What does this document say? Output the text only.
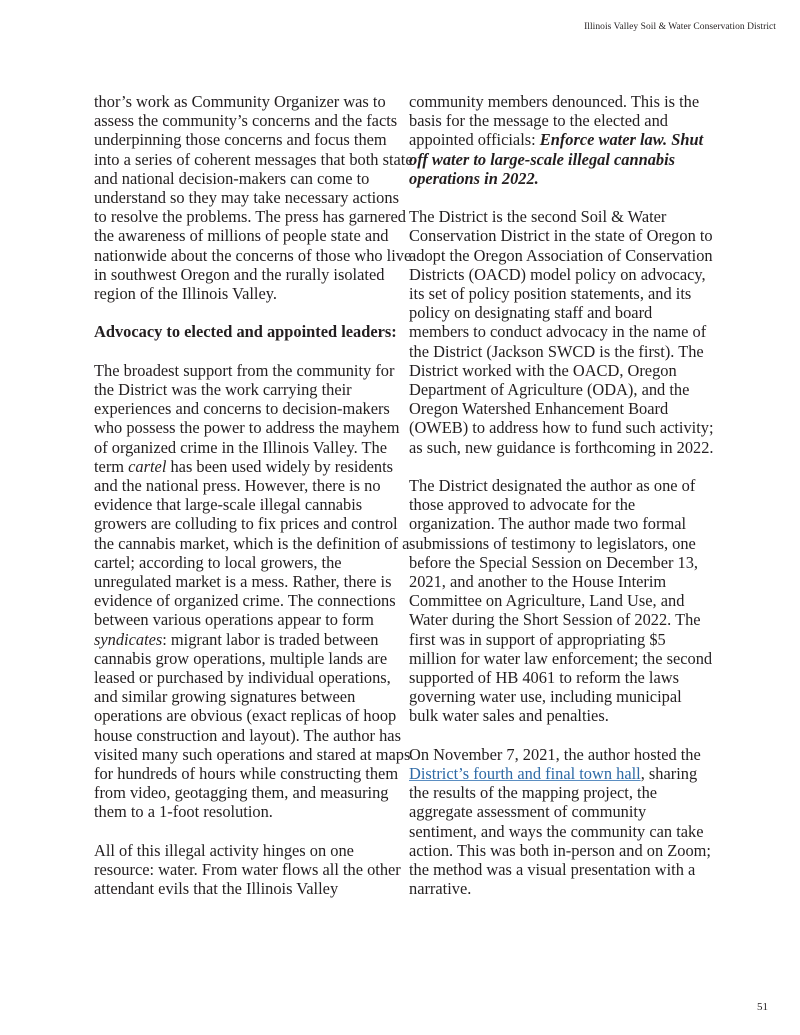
Illinois Valley Soil & Water Conservation District

thor’s work as Community Organizer was to assess the community’s concerns and the facts underpinning those concerns and focus them into a series of coherent messages that both state and national decision-makers can come to understand so they may take necessary actions to resolve the problems. The press has garnered the awareness of millions of people state and nationwide about the concerns of those who live in southwest Oregon and the rurally isolated region of the Illinois Valley.

Advocacy to elected and appointed leaders:

The broadest support from the community for the District was the work carrying their experiences and concerns to decision-makers who possess the power to address the mayhem of organized crime in the Illinois Valley. The term cartel has been used widely by residents and the national press. However, there is no evidence that large-scale illegal cannabis growers are colluding to fix prices and control the cannabis market, which is the definition of a cartel; according to local growers, the unregulated market is a mess. Rather, there is evidence of organized crime. The connections between various operations appear to form syndicates: migrant labor is traded between cannabis grow operations, multiple lands are leased or purchased by individual operations, and similar growing signatures between operations are obvious (exact replicas of hoop house construction and layout). The author has visited many such operations and stared at maps for hundreds of hours while constructing them from video, geotagging them, and measuring them to a 1-foot resolution.

All of this illegal activity hinges on one resource: water. From water flows all the other attendant evils that the Illinois Valley

community members denounced. This is the basis for the message to the elected and appointed officials: Enforce water law. Shut off water to large-scale illegal cannabis operations in 2022.

The District is the second Soil & Water Conservation District in the state of Oregon to adopt the Oregon Association of Conservation Districts (OACD) model policy on advocacy, its set of policy position statements, and its policy on designating staff and board members to conduct advocacy in the name of the District (Jackson SWCD is the first). The District worked with the OACD, Oregon Department of Agriculture (ODA), and the Oregon Watershed Enhancement Board (OWEB) to address how to fund such activity; as such, new guidance is forthcoming in 2022.

The District designated the author as one of those approved to advocate for the organization. The author made two formal submissions of testimony to legislators, one before the Special Session on December 13, 2021, and another to the House Interim Committee on Agriculture, Land Use, and Water during the Short Session of 2022. The first was in support of appropriating $5 million for water law enforcement; the second supported of HB 4061 to reform the laws governing water use, including municipal bulk water sales and penalties.

On November 7, 2021, the author hosted the District’s fourth and final town hall, sharing the results of the mapping project, the aggregate assessment of community sentiment, and ways the community can take action. This was both in-person and on Zoom; the method was a visual presentation with a narrative.

51
